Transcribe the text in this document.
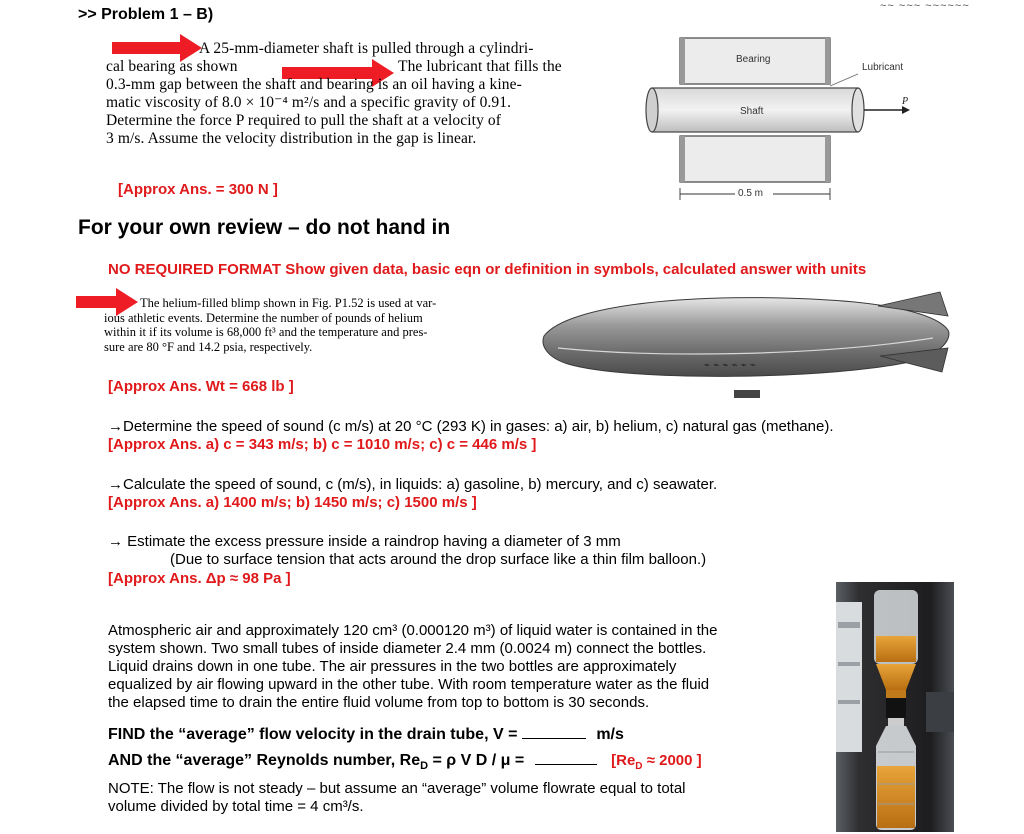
>> Problem 1 – B)	~~ ~~~ ~~~~~~
A 25-mm-diameter shaft is pulled through a cylindri-
cal bearing as shown	The lubricant that fills the
0.3-mm gap between the shaft and bearing is an oil having a kine-
matic viscosity of 8.0 × 10⁻⁴ m²/s and a specific gravity of 0.91.
Determine the force P required to pull the shaft at a velocity of
3 m/s. Assume the velocity distribution in the gap is linear.
[Approx Ans. = 300 N ]
Bearing
Lubricant
Shaft
P
0.5 m
For your own review – do not hand in
NO REQUIRED FORMAT Show given data, basic eqn or definition in symbols, calculated answer with units
The helium-filled blimp shown in Fig. P1.52 is used at var-
ious athletic events. Determine the number of pounds of helium
within it if its volume is 68,000 ft³ and the temperature and pres-
sure are 80 °F and 14.2 psia, respectively.
⌁ ⌁ ⌁ ⌁ ⌁ ⌁
[Approx Ans. Wt = 668 lb ]
→Determine the speed of sound (c m/s) at 20 °C (293 K) in gases: a) air, b) helium, c) natural gas (methane).
[Approx Ans. a) c = 343 m/s; b) c = 1010 m/s; c) c = 446 m/s ]
→Calculate the speed of sound, c (m/s), in liquids: a) gasoline, b) mercury, and c) seawater.
[Approx Ans. a) 1400 m/s; b) 1450 m/s; c) 1500 m/s ]
→ Estimate the excess pressure inside a raindrop having a diameter of 3 mm
(Due to surface tension that acts around the drop surface like a thin film balloon.)
[Approx Ans. Δp ≈ 98 Pa ]
Atmospheric air and approximately 120 cm³ (0.000120 m³) of liquid water is contained in the
system shown. Two small tubes of inside diameter 2.4 mm (0.0024 m) connect the bottles.
Liquid drains down in one tube. The air pressures in the two bottles are approximately
equalized by air flowing upward in the other tube. With room temperature water as the fluid
the elapsed time to drain the entire fluid volume from top to bottom is 30 seconds.
FIND the “average” flow velocity in the drain tube, V =	m/s
AND the “average” Reynolds number, $Re_D = \rho$ V D / μ =	[$Re_D \approx 2000$ ]
NOTE: The flow is not steady – but assume an “average” volume flowrate equal to total
volume divided by total time = 4 cm³/s.
